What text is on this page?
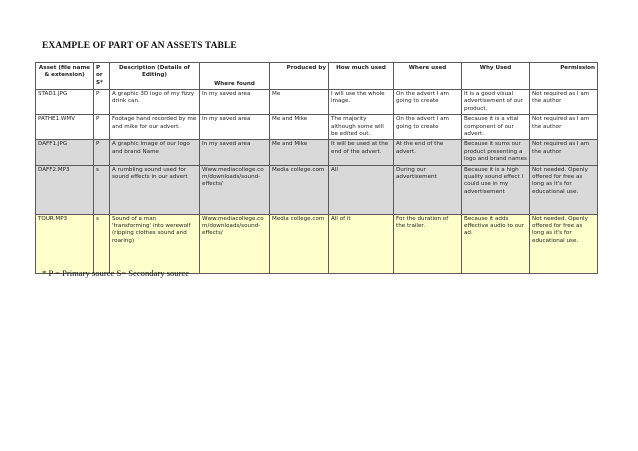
EXAMPLE OF PART OF AN ASSETS TABLE
Asset (file name & extension)	P or S*	Description (Details of Editing)	Where found	Produced by	How much used	Where used	Why Used	Permission
STAD1.JPG	P	A graphic 3D logo of my fizzy drink can.	In my saved area	Me	I will use the whole image.	On the advert I am going to create	It is a good visual advertisement of our product.	Not required as I am the author
PATHE1.WMV	P	Footage hand recorded by me and mike for our advert.	In my saved area	Me and Mike	The majority although some will be edited out.	On the advert I am going to create	Because it is a vital component of our advert.	Not required as I am the author
DAFF1.JPG	P	A graphic Image of our logo and brand Name	In my saved area	Me and Mike	It will be used at the end of the advert.	At the end of the advert.	Because it sums our product presenting a logo and brand names	Not required as I am the author
DAFF2.MP3	s	A rumbling sound used for sound effects in our advert	Www.mediacollege.com/downloads/sound-effects/	Media college.com	All	During our advertisement	Because it is a high quality sound effect I could use in my advertisement	Not needed. Openly offered for free as long as it's for educational use.
TOUR.MP3	s	Sound of a man 'transforming' into werewolf (ripping clothes sound and roaring)	Www.mediacollege.com/downloads/sound-effects/	Media college.com	All of it	For the duration of the trailer.	Because it adds effective audio to our ad.	Not needed. Openly offered for free as long as it's for educational use.
* P = Primary source S= Secondary source
